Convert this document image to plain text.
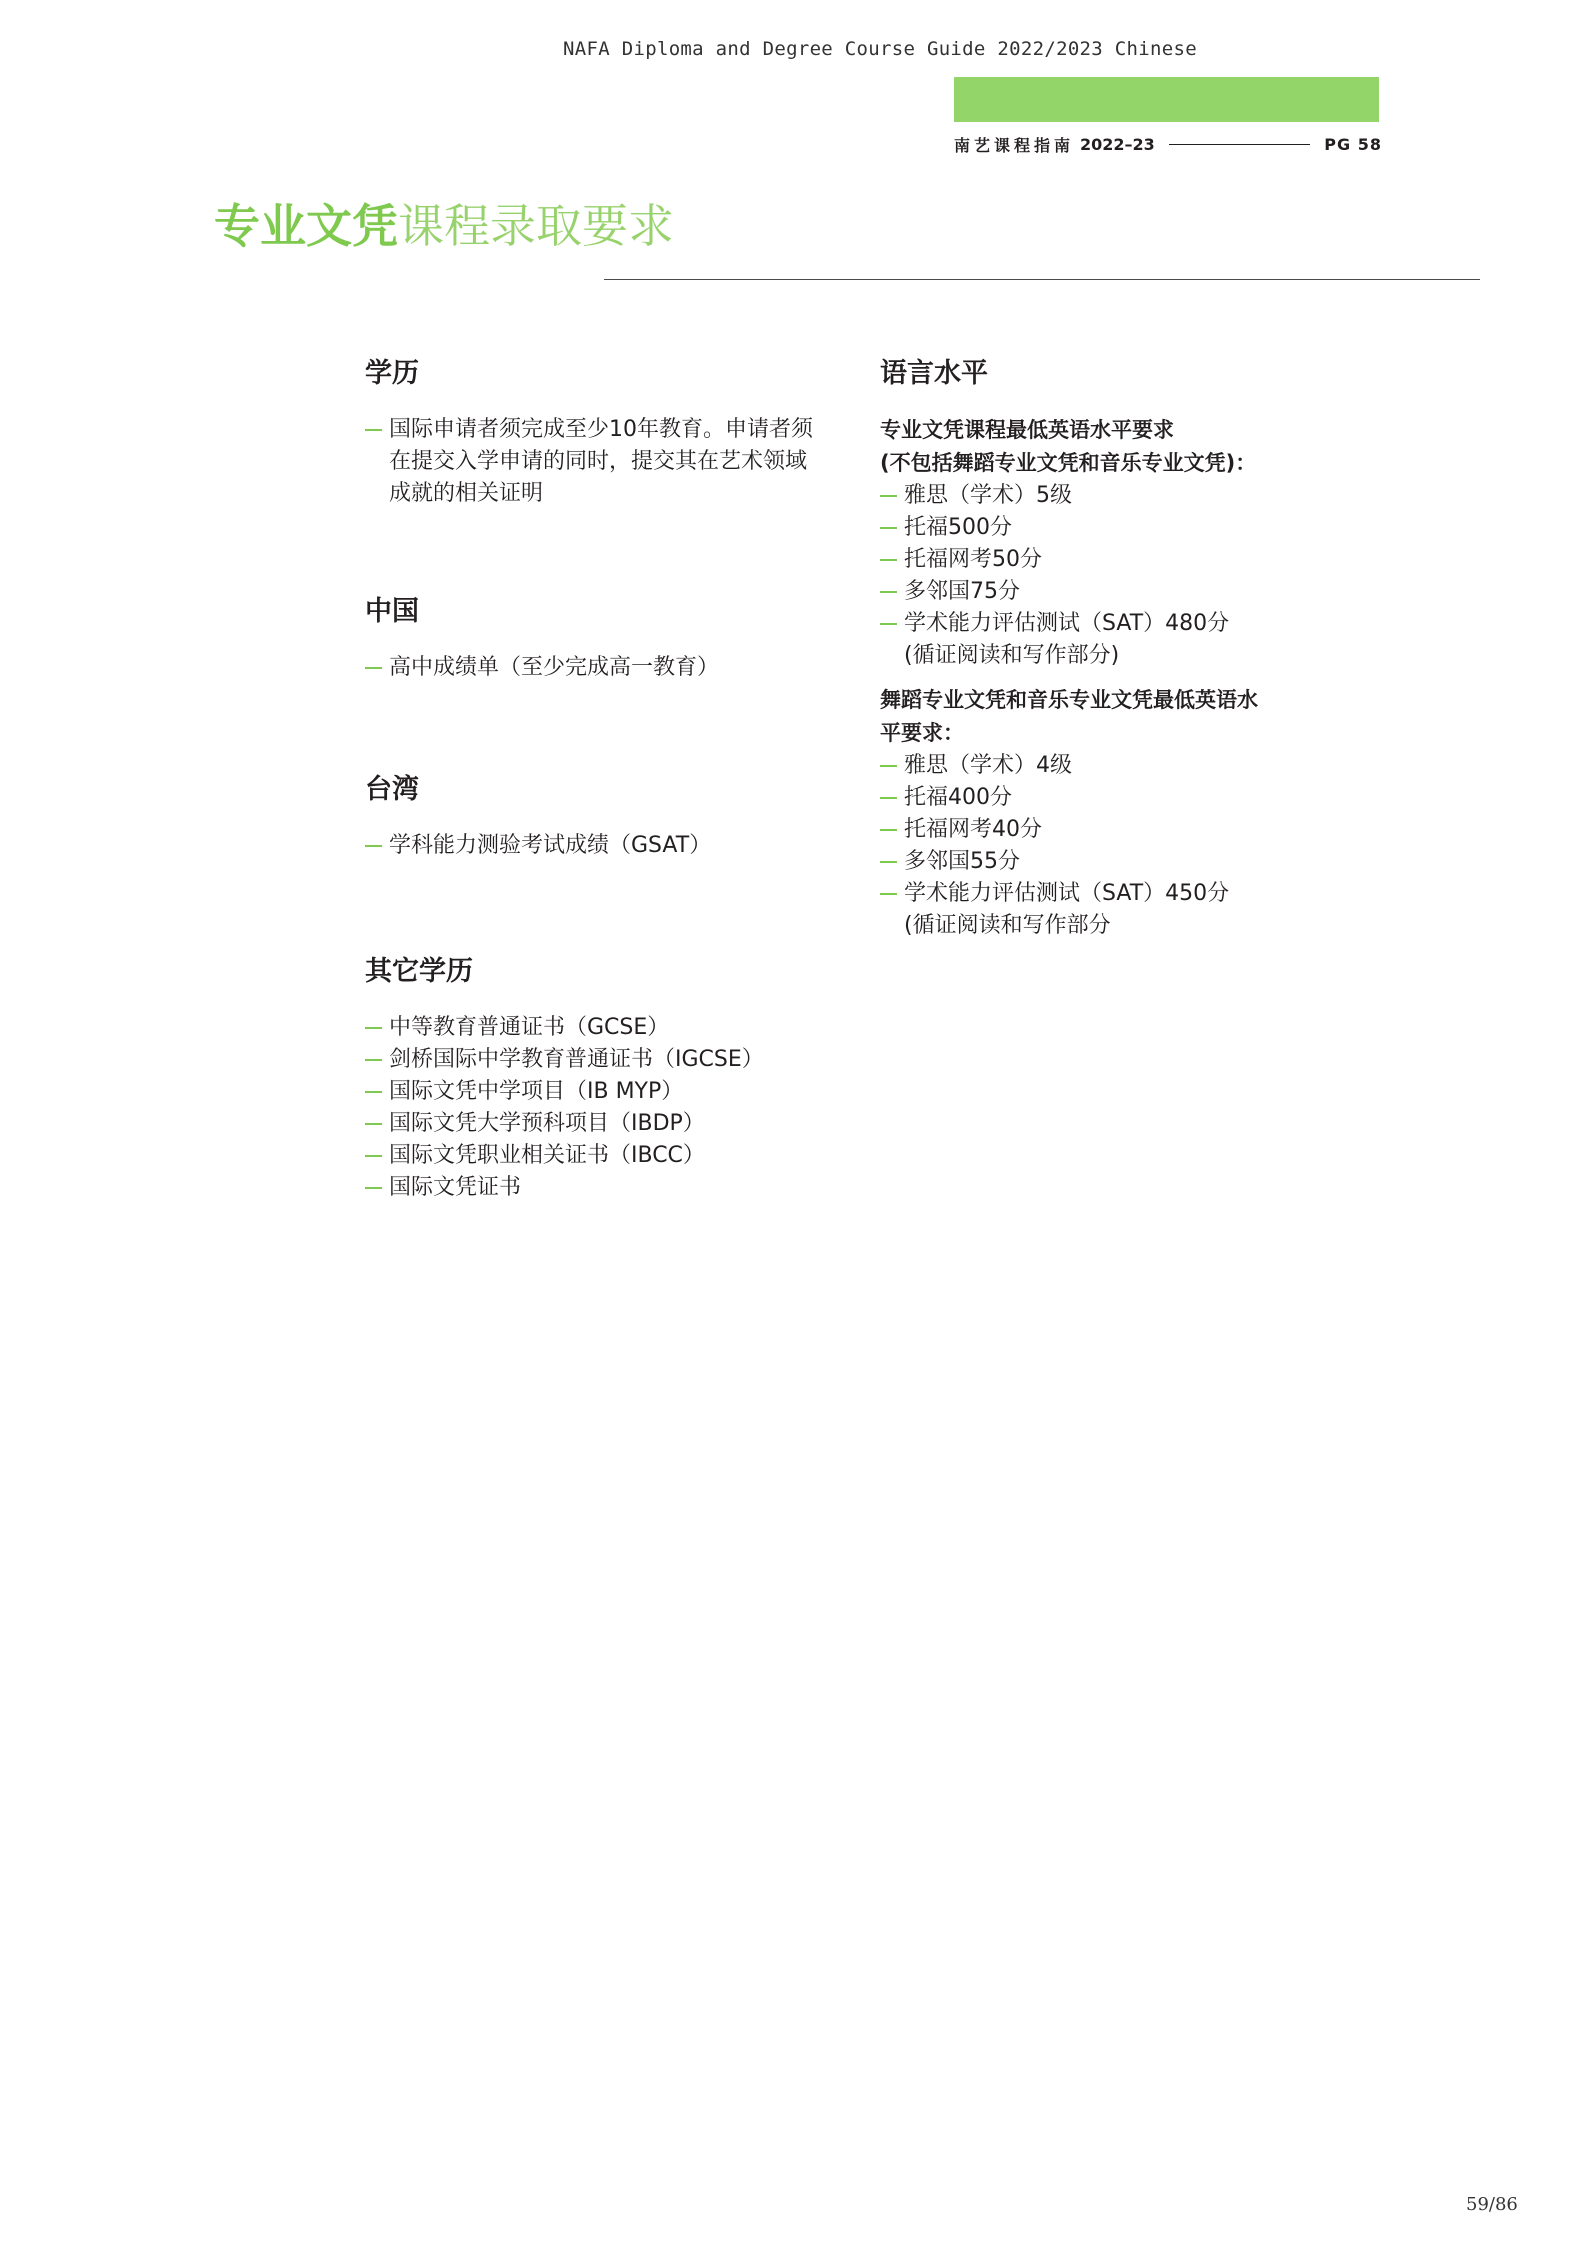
NAFA Diploma and Degree Course Guide 2022/2023 Chinese
南艺课程指南 2022–23	PG 58
专业文凭课程录取要求
学历
国际申请者须完成至少10年教育。申请者须在提交入学申请的同时，提交其在艺术领域成就的相关证明
中国
高中成绩单（至少完成高一教育）
台湾
学科能力测验考试成绩（GSAT）
其它学历
中等教育普通证书（GCSE）
剑桥国际中学教育普通证书（IGCSE）
国际文凭中学项目（IB MYP）
国际文凭大学预科项目（IBDP）
国际文凭职业相关证书（IBCC）
国际文凭证书
语言水平

专业文凭课程最低英语水平要求

(不包括舞蹈专业文凭和音乐专业文凭)：

雅思（学术）5级
托福500分
托福网考50分
多邻国75分
学术能力评估测试（SAT）480分
(循证阅读和写作部分)

舞蹈专业文凭和音乐专业文凭最低英语水

平要求：

雅思（学术）4级
托福400分
托福网考40分
多邻国55分
学术能力评估测试（SAT）450分
(循证阅读和写作部分
59/86
